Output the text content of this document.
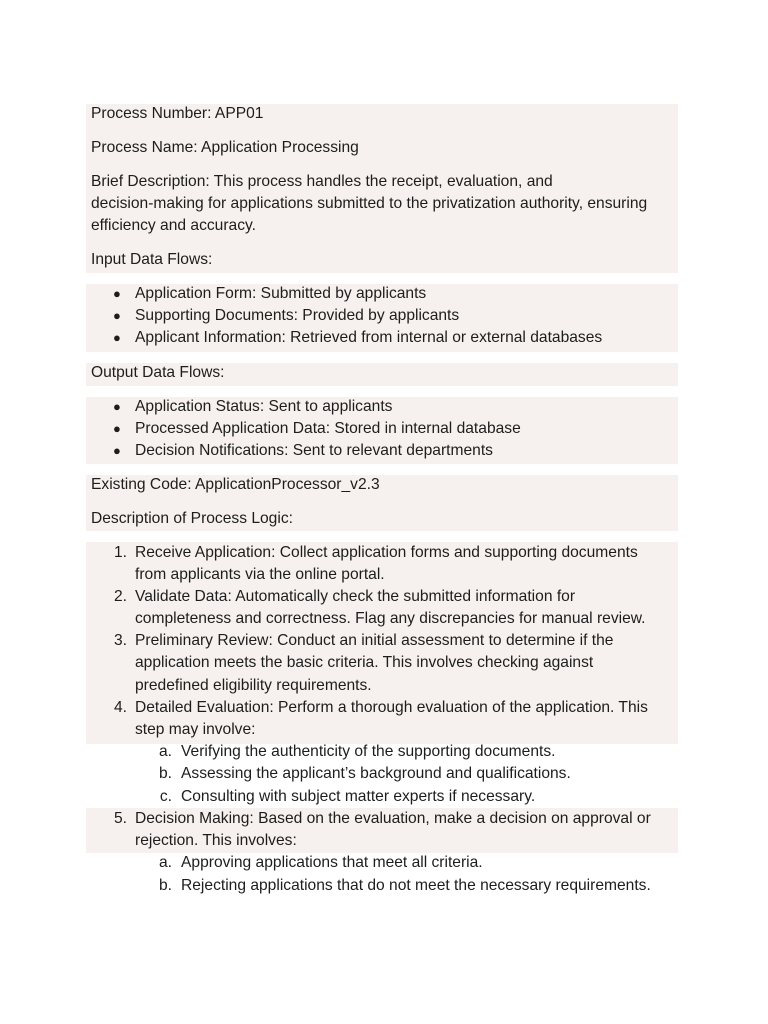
Process Number: APP01
Process Name: Application Processing
Brief Description: This process handles the receipt, evaluation, and
decision-making for applications submitted to the privatization authority, ensuring
efficiency and accuracy.
Input Data Flows:
● Application Form: Submitted by applicants
● Supporting Documents: Provided by applicants
● Applicant Information: Retrieved from internal or external databases
Output Data Flows:
● Application Status: Sent to applicants
● Processed Application Data: Stored in internal database
● Decision Notifications: Sent to relevant departments
Existing Code: ApplicationProcessor_v2.3
Description of Process Logic:
1. Receive Application: Collect application forms and supporting documents
from applicants via the online portal.
2. Validate Data: Automatically check the submitted information for
completeness and correctness. Flag any discrepancies for manual review.
3. Preliminary Review: Conduct an initial assessment to determine if the
application meets the basic criteria. This involves checking against
predefined eligibility requirements.
4. Detailed Evaluation: Perform a thorough evaluation of the application. This
step may involve:
a. Verifying the authenticity of the supporting documents.
b. Assessing the applicant’s background and qualifications.
c. Consulting with subject matter experts if necessary.
5. Decision Making: Based on the evaluation, make a decision on approval or
rejection. This involves:
a. Approving applications that meet all criteria.
b. Rejecting applications that do not meet the necessary requirements.
